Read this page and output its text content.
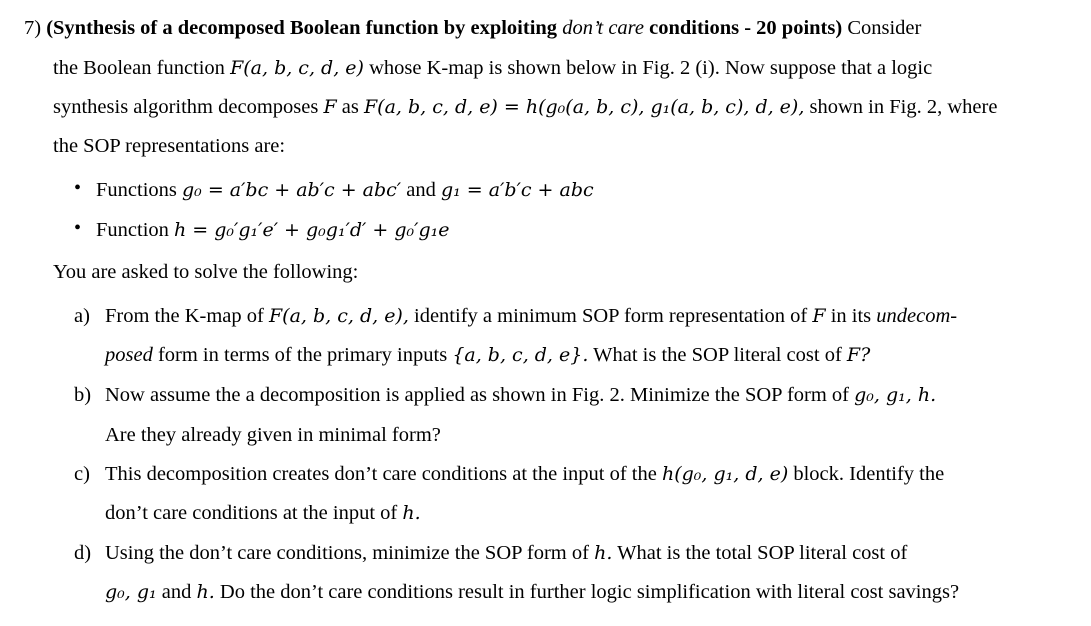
7) (Synthesis of a decomposed Boolean function by exploiting don’t care conditions - 20 points) Consider
the Boolean function F(a, b, c, d, e) whose K-map is shown below in Fig. 2 (i). Now suppose that a logic
synthesis algorithm decomposes F as F(a, b, c, d, e) = h(g₀(a, b, c), g₁(a, b, c), d, e), shown in Fig. 2, where
the SOP representations are:
• Functions g₀ = a′bc + ab′c + abc′ and g₁ = a′b′c + abc
• Function h = g₀′g₁′e′ + g₀g₁′d′ + g₀′g₁e
You are asked to solve the following:
a) From the K-map of F(a, b, c, d, e), identify a minimum SOP form representation of F in its undecom-
posed form in terms of the primary inputs {a, b, c, d, e}. What is the SOP literal cost of F?
b) Now assume the a decomposition is applied as shown in Fig. 2. Minimize the SOP form of g₀, g₁, h.
Are they already given in minimal form?
c) This decomposition creates don’t care conditions at the input of the h(g₀, g₁, d, e) block. Identify the
don’t care conditions at the input of h.
d) Using the don’t care conditions, minimize the SOP form of h. What is the total SOP literal cost of
g₀, g₁ and h. Do the don’t care conditions result in further logic simplification with literal cost savings?
